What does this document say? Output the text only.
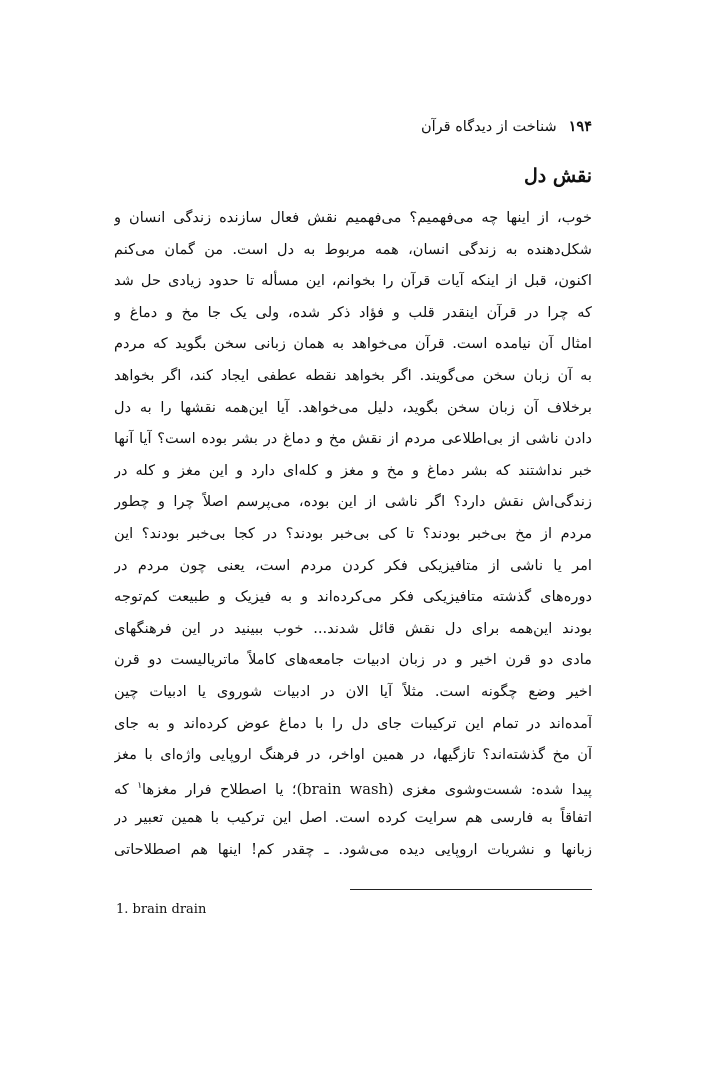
۱۹۴شناخت از دیدگاه قرآن
نقش دل
خوب، از اینها چه می‌فهمیم؟ می‌فهمیم نقش فعال سازنده زندگی انسان و
شکل‌دهنده به زندگی انسان، همه مربوط به دل است. من گمان می‌کنم
اکنون، قبل از اینکه آیات قرآن را بخوانم، این مسأله تا حدود زیادی حل شد
که چرا در قرآن اینقدر قلب و فؤاد ذکر شده، ولی یک جا مخ و دماغ و
امثال آن نیامده است. قرآن می‌خواهد به همان زبانی سخن بگوید که مردم
به آن زبان سخن می‌گویند. اگر بخواهد نقطه عطفی ایجاد کند، اگر بخواهد
برخلاف آن زبان سخن بگوید، دلیل می‌خواهد. آیا این‌همه نقشها را به دل
دادن ناشی از بی‌اطلاعی مردم از نقش مخ و دماغ در بشر بوده است؟ آیا آنها
خبر نداشتند که بشر دماغ و مخ و مغز و کله‌ای دارد و این مغز و کله در
زندگی‌اش نقش دارد؟ اگر ناشی از این بوده، می‌پرسم اصلاً چرا و چطور
مردم از مخ بی‌خبر بودند؟ تا کی بی‌خبر بودند؟ در کجا بی‌خبر بودند؟ این
امر یا ناشی از متافیزیکی فکر کردن مردم است، یعنی چون مردم در
دوره‌های گذشته متافیزیکی فکر می‌کرده‌اند و به فیزیک و طبیعت کم‌توجه
بودند این‌همه برای دل نقش قائل شدند... خوب ببینید در این فرهنگهای
مادی دو قرن اخیر و در زبان ادبیات جامعه‌های کاملاً ماتریالیست دو قرن
اخیر وضع چگونه است. مثلاً آیا الان در ادبیات شوروی یا ادبیات چین
آمده‌اند در تمام این ترکیبات جای دل را با دماغ عوض کرده‌اند و به جای
آن مخ گذشته‌اند؟ تازگیها، در همین اواخر، در فرهنگ اروپایی واژه‌ای با مغز
پیدا شده: شست‌وشوی مغزی (brain wash)؛ یا اصطلاح فرار مغزها$^۱$ که
اتفاقاً به فارسی هم سرایت کرده است. اصل این ترکیب با همین تعبیر در
زبانها و نشریات اروپایی دیده می‌شود. ـ چقدر کم! اینها هم اصطلاحاتی
1. brain drain
